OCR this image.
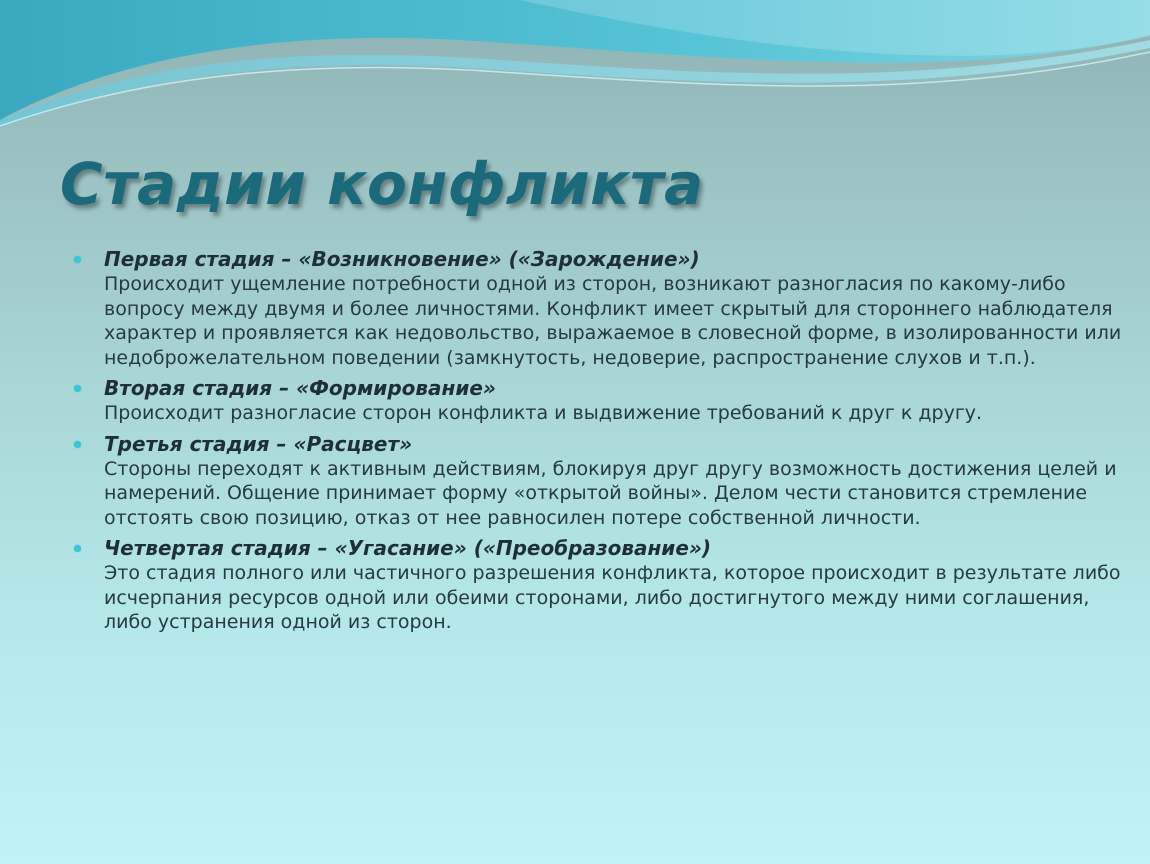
Стадии конфликта

Первая стадия – «Возникновение» («Зарождение»)

Происходит ущемление потребности одной из сторон, возникают разногласия по какому-либо вопросу между двумя и более личностями. Конфликт имеет скрытый для стороннего наблюдателя характер и проявляется как недовольство, выражаемое в словесной форме, в изолированности или недоброжелательном поведении (замкнутость, недоверие, распространение слухов и т.п.).

Вторая стадия – «Формирование»

Происходит разногласие сторон конфликта и выдвижение требований к друг к другу.

Третья стадия – «Расцвет»

Стороны переходят к активным действиям, блокируя друг другу возможность достижения целей и намерений. Общение принимает форму «открытой войны». Делом чести становится стремление отстоять свою позицию, отказ от нее равносилен потере собственной личности.

Четвертая стадия – «Угасание» («Преобразование»)

Это стадия полного или частичного разрешения конфликта, которое происходит в результате либо исчерпания ресурсов одной или обеими сторонами, либо достигнутого между ними соглашения, либо устранения одной из сторон.
